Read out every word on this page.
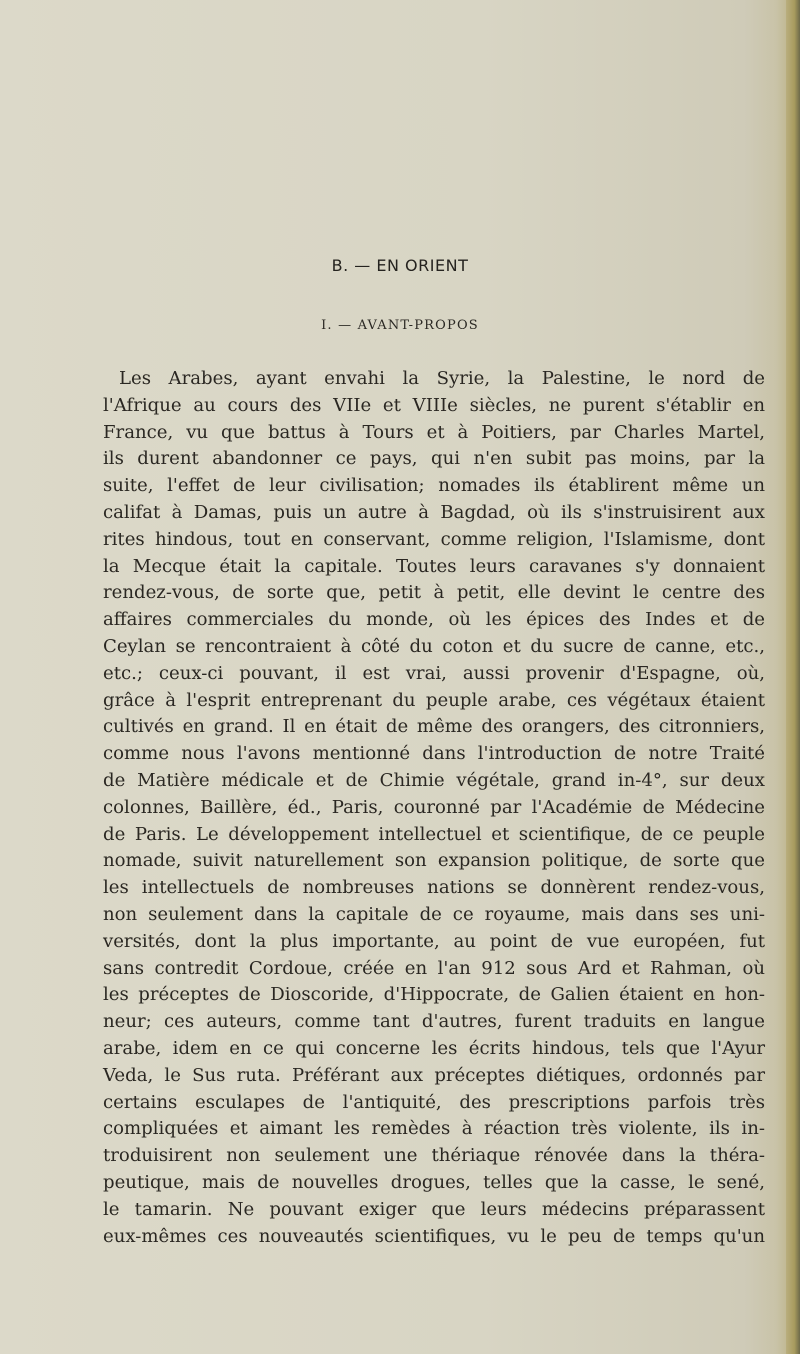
B. — EN ORIENT
I. — AVANT-PROPOS
Les Arabes, ayant envahi la Syrie, la Palestine, le nord de
l'Afrique au cours des VIIe et VIIIe siècles, ne purent s'établir en
France, vu que battus à Tours et à Poitiers, par Charles Martel,
ils durent abandonner ce pays, qui n'en subit pas moins, par la
suite, l'effet de leur civilisation; nomades ils établirent même un
califat à Damas, puis un autre à Bagdad, où ils s'instruisirent aux
rites hindous, tout en conservant, comme religion, l'Islamisme, dont
la Mecque était la capitale. Toutes leurs caravanes s'y donnaient
rendez-vous, de sorte que, petit à petit, elle devint le centre des
affaires commerciales du monde, où les épices des Indes et de
Ceylan se rencontraient à côté du coton et du sucre de canne, etc.,
etc.; ceux-ci pouvant, il est vrai, aussi provenir d'Espagne, où,
grâce à l'esprit entreprenant du peuple arabe, ces végétaux étaient
cultivés en grand. Il en était de même des orangers, des citronniers,
comme nous l'avons mentionné dans l'introduction de notre Traité
de Matière médicale et de Chimie végétale, grand in-4°, sur deux
colonnes, Baillère, éd., Paris, couronné par l'Académie de Médecine
de Paris. Le développement intellectuel et scientifique, de ce peuple
nomade, suivit naturellement son expansion politique, de sorte que
les intellectuels de nombreuses nations se donnèrent rendez-vous,
non seulement dans la capitale de ce royaume, mais dans ses uni-
versités, dont la plus importante, au point de vue européen, fut
sans contredit Cordoue, créée en l'an 912 sous Ard et Rahman, où
les préceptes de Dioscoride, d'Hippocrate, de Galien étaient en hon-
neur; ces auteurs, comme tant d'autres, furent traduits en langue
arabe, idem en ce qui concerne les écrits hindous, tels que l'Ayur
Veda, le Sus ruta. Préférant aux préceptes diétiques, ordonnés par
certains esculapes de l'antiquité, des prescriptions parfois très
compliquées et aimant les remèdes à réaction très violente, ils in-
troduisirent non seulement une thériaque rénovée dans la théra-
peutique, mais de nouvelles drogues, telles que la casse, le sené,
le tamarin. Ne pouvant exiger que leurs médecins préparassent
eux-mêmes ces nouveautés scientifiques, vu le peu de temps qu'un
